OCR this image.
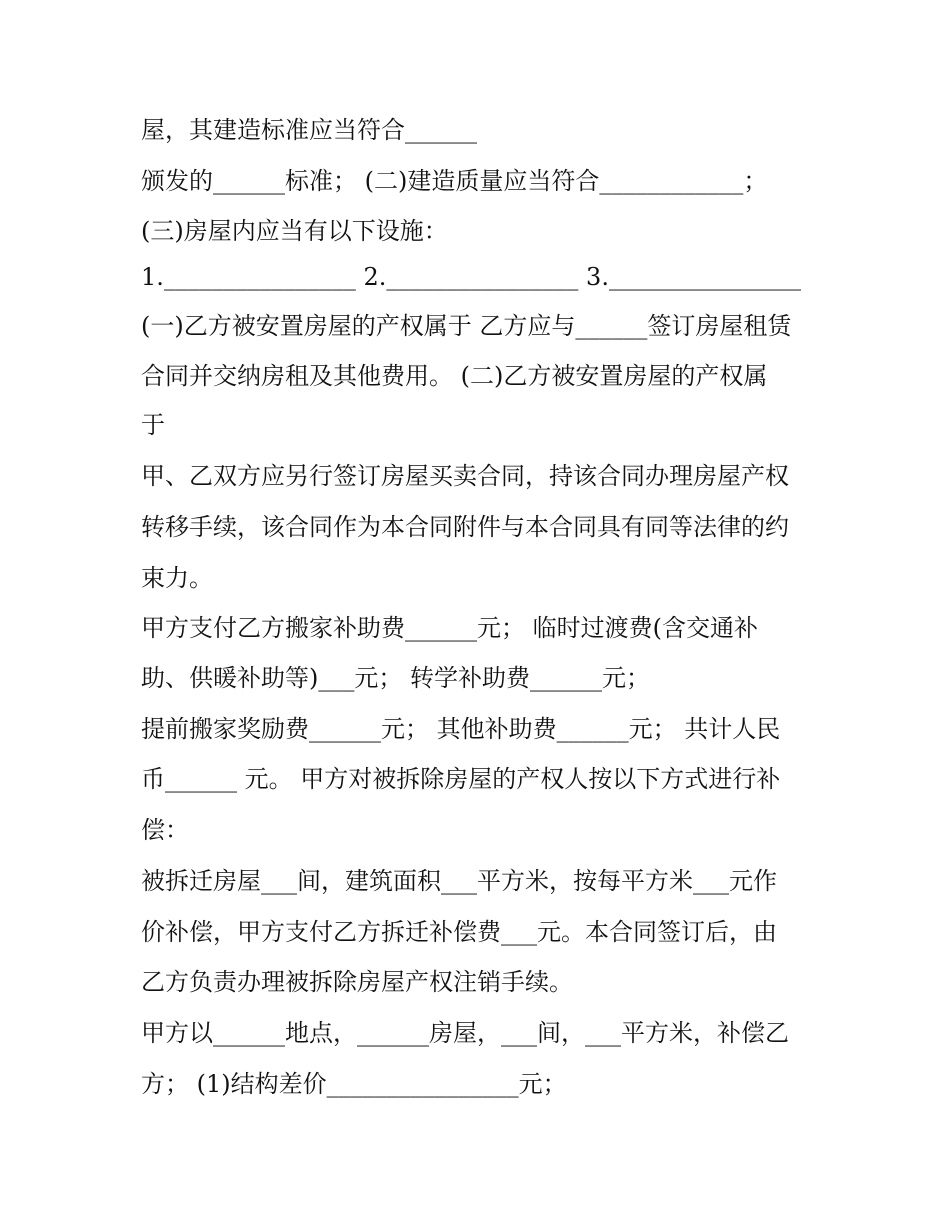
屋，其建造标准应当符合______
颁发的______标准； (二)建造质量应当符合____________；
(三)房屋内应当有以下设施：
1.________________ 2.________________ 3.________________
(一)乙方被安置房屋的产权属于 乙方应与______签订房屋租赁
合同并交纳房租及其他费用。 (二)乙方被安置房屋的产权属
于
甲、乙双方应另行签订房屋买卖合同，持该合同办理房屋产权
转移手续，该合同作为本合同附件与本合同具有同等法律的约
束力。
甲方支付乙方搬家补助费______元； 临时过渡费(含交通补
助、供暖补助等)___元； 转学补助费______元；
提前搬家奖励费______元； 其他补助费______元； 共计人民
币______ 元。 甲方对被拆除房屋的产权人按以下方式进行补
偿：
被拆迁房屋___间，建筑面积___平方米，按每平方米___元作
价补偿，甲方支付乙方拆迁补偿费___元。本合同签订后，由
乙方负责办理被拆除房屋产权注销手续。
甲方以______地点，______房屋，___间，___平方米，补偿乙
方； (1)结构差价________________元；
